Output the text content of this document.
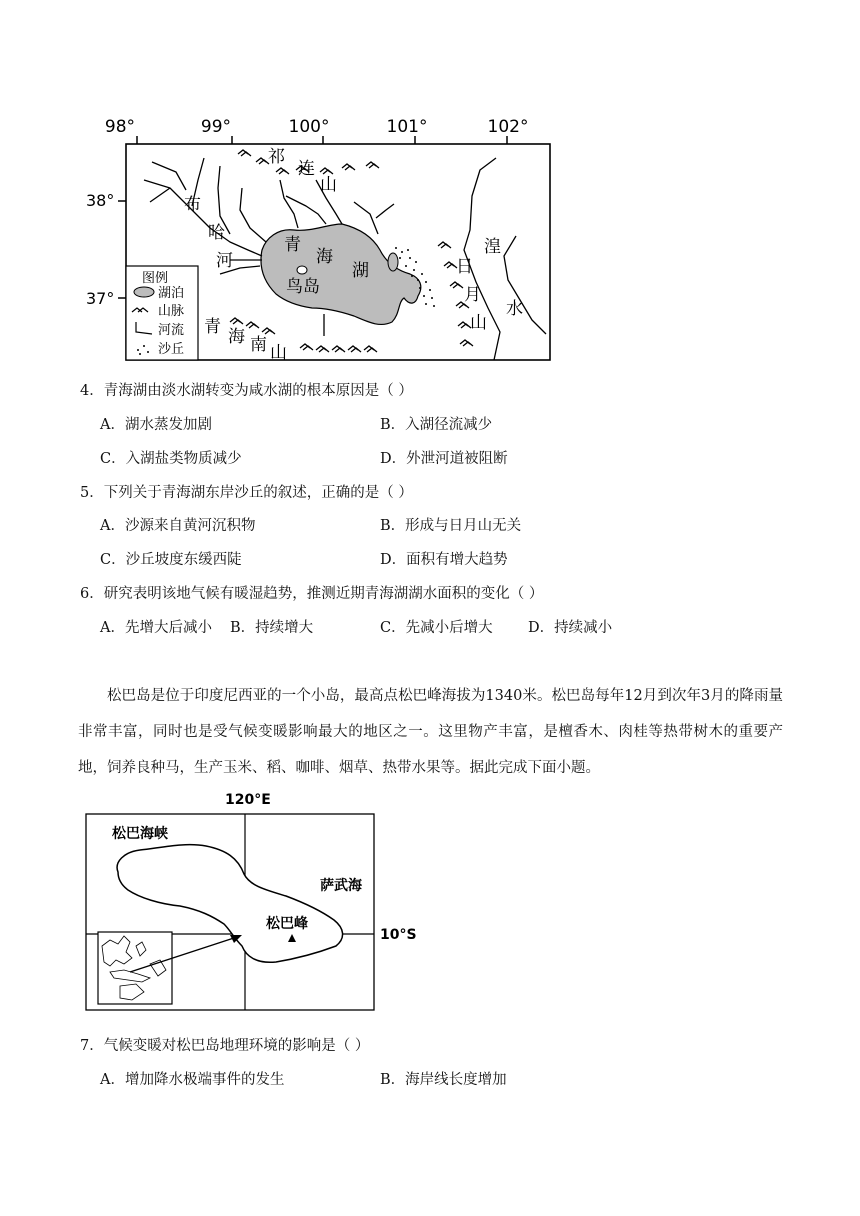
98°	99°	100°	101°	102°
38°
37°
祁
连
山
布
哈
河
青
海
湖
鸟岛
日
月
山
湟
水
青 海 南 山
图例
湖泊
山脉
河流
沙丘
4．青海湖由淡水湖转变为咸水湖的根本原因是（ ）
A．湖水蒸发加剧	B．入湖径流减少
C．入湖盐类物质减少	D．外泄河道被阻断
5．下列关于青海湖东岸沙丘的叙述，正确的是（ ）
A．沙源来自黄河沉积物	B．形成与日月山无关
C．沙丘坡度东缓西陡	D．面积有增大趋势
6．研究表明该地气候有暖湿趋势，推测近期青海湖湖水面积的变化（ ）
A．先增大后减小 B．持续增大	C．先减小后增大 D．持续减小
松巴岛是位于印度尼西亚的一个小岛，最高点松巴峰海拔为1340米。松巴岛每年12月到次年3月的降雨量非常丰富，同时也是受气候变暖影响最大的地区之一。这里物产丰富，是檀香木、肉桂等热带树木的重要产地，饲养良种马，生产玉米、稻、咖啡、烟草、热带水果等。据此完成下面小题。
120°E
10°S
松巴峰
松巴海峡
萨武海
7．气候变暖对松巴岛地理环境的影响是（ ）
A．增加降水极端事件的发生	B．海岸线长度增加
